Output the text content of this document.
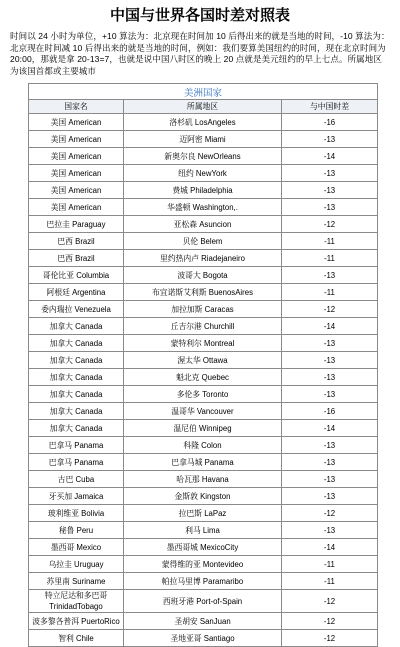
中国与世界各国时差对照表
时间以 24 小时为单位，+10 算法为：北京现在时间加 10 后得出来的就是当地的时间，-10 算法为：北京现在时间减 10 后得出来的就是当地的时间，例如：我们要算美国纽约的时间，现在北京时间为 20:00，那就是拿 20-13=7，也就是说中国八时区的晚上 20 点就是美元纽约的早上七点。所属地区为该国首都或主要城市
美洲国家		
国家名	所属地区	与中国时差
美国 American	洛杉矶 LosAngeles	-16
美国 American	迈阿密 Miami	-13
美国 American	新奥尔良 NewOrleans	-14
美国 American	纽约 NewYork	-13
美国 American	费城 Philadelphia	-13
美国 American	华盛顿 Washington,.	-13
巴拉圭 Paraguay	亚松森 Asuncion	-12
巴西 Brazil	贝伦 Belem	-11
巴西 Brazil	里约热内卢 Riadejaneiro	-11
哥伦比亚 Columbia	波哥大 Bogota	-13
阿根廷 Argentina	布宜诺斯艾利斯 BuenosAires	-11
委内瑞拉 Venezuela	加拉加斯 Caracas	-12
加拿大 Canada	丘吉尔港 Churchill	-14
加拿大 Canada	蒙特利尔 Montreal	-13
加拿大 Canada	渥太华 Ottawa	-13
加拿大 Canada	魁北克 Quebec	-13
加拿大 Canada	多伦多 Toronto	-13
加拿大 Canada	温哥华 Vancouver	-16
加拿大 Canada	温尼伯 Winnipeg	-14
巴拿马 Panama	科隆 Colon	-13
巴拿马 Panama	巴拿马城 Panama	-13
古巴 Cuba	哈瓦那 Havana	-13
牙买加 Jamaica	金斯敦 Kingston	-13
玻利维亚 Bolivia	拉巴斯 LaPaz	-12
秘鲁 Peru	利马 Lima	-13
墨西哥 Mexico	墨西哥城 MexicoCity	-14
乌拉圭 Uruguay	蒙得维的亚 Montevideo	-11
苏里南 Suriname	帕拉马里博 Paramaribo	-11
特立尼达和多巴哥 TrinidadTobago	西班牙港 Port-of-Spain	-12
波多黎各普洱 PuertoRico	圣胡安 SanJuan	-12
智利 Chile	圣地亚哥 Santiago	-12
